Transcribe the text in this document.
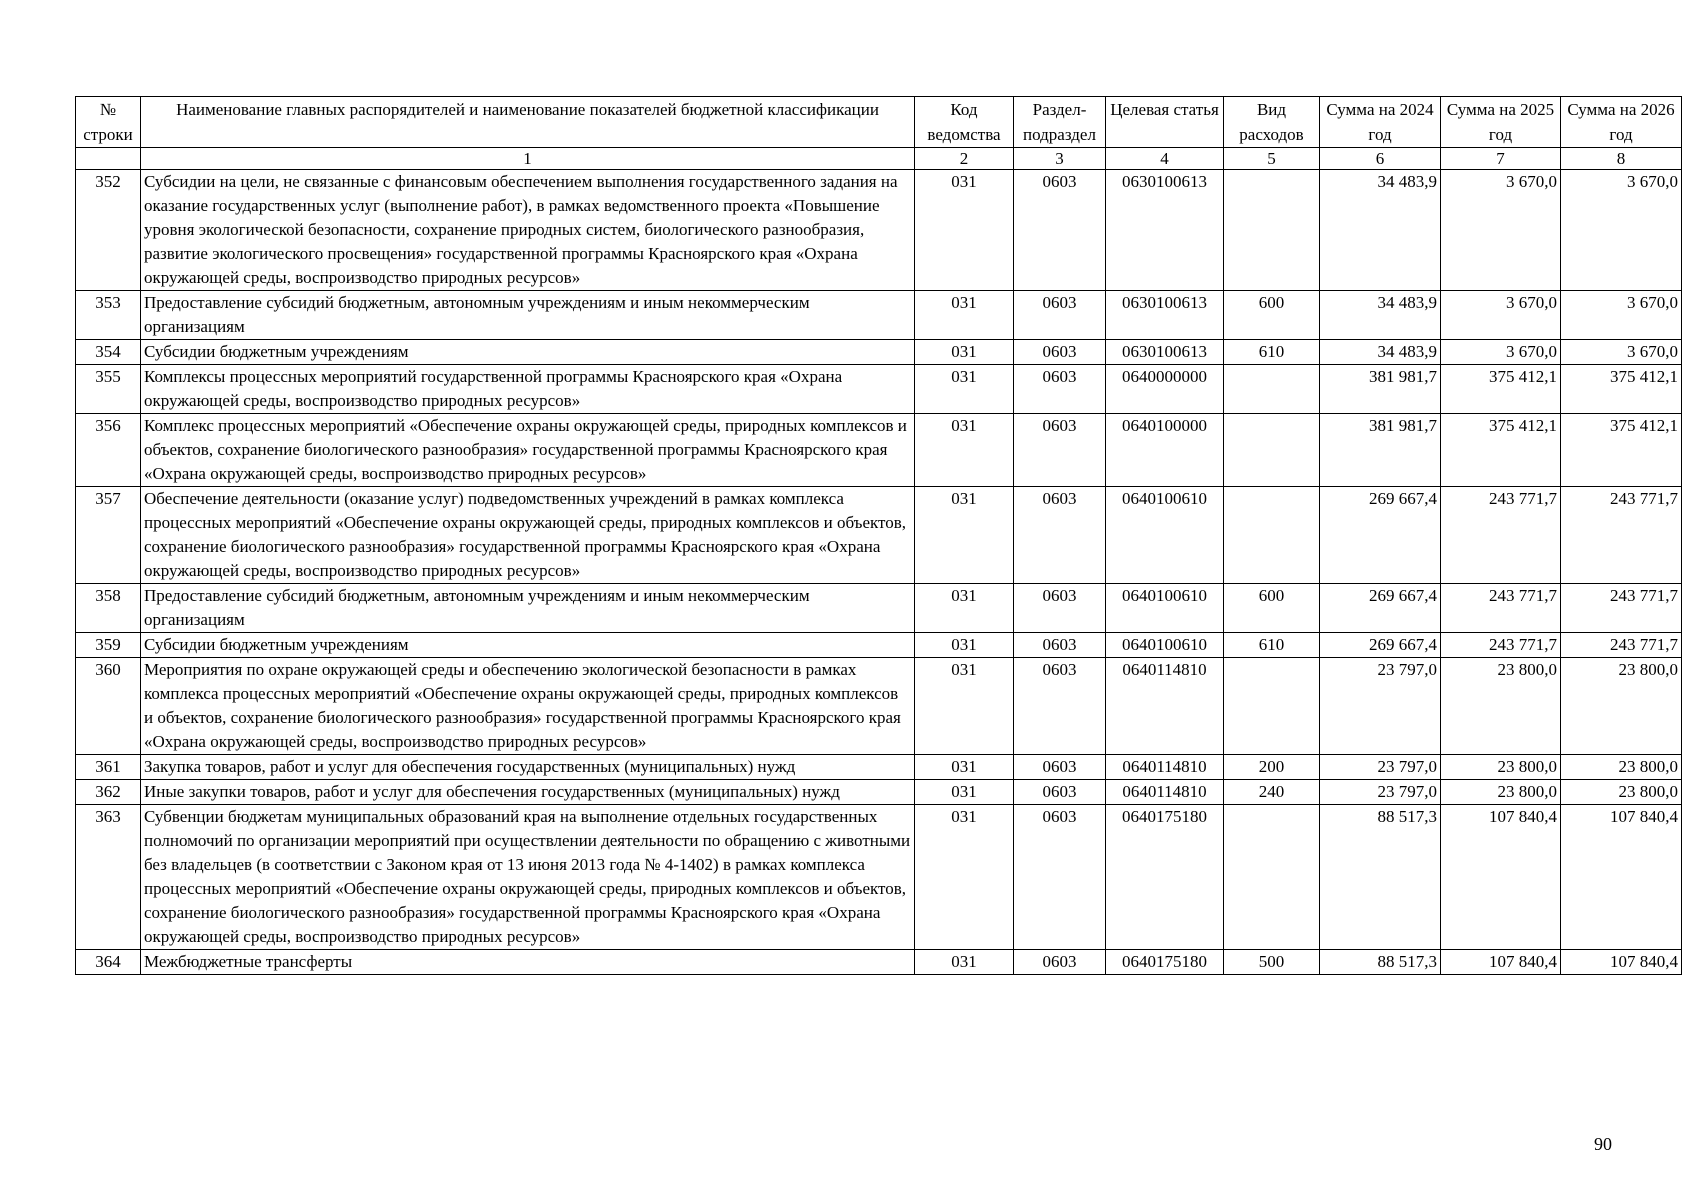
№ строки	Наименование главных распорядителей и наименование показателей бюджетной классификации	Код ведомства	Раздел-подраздел	Целевая статья	Вид расходов	Сумма на 2024 год	Сумма на 2025 год	Сумма на 2026 год
	1	2	3	4	5	6	7	8
352	Субсидии на цели, не связанные с финансовым обеспечением выполнения государственного задания на оказание государственных услуг (выполнение работ), в рамках ведомственного проекта «Повышение уровня экологической безопасности, сохранение природных систем, биологического разнообразия, развитие экологического просвещения» государственной программы Красноярского края «Охрана окружающей среды, воспроизводство природных ресурсов»	031	0603	0630100613		34 483,9	3 670,0	3 670,0
353	Предоставление субсидий бюджетным, автономным учреждениям и иным некоммерческим организациям	031	0603	0630100613	600	34 483,9	3 670,0	3 670,0
354	Субсидии бюджетным учреждениям	031	0603	0630100613	610	34 483,9	3 670,0	3 670,0
355	Комплексы процессных мероприятий государственной программы Красноярского края «Охрана окружающей среды, воспроизводство природных ресурсов»	031	0603	0640000000		381 981,7	375 412,1	375 412,1
356	Комплекс процессных мероприятий «Обеспечение охраны окружающей среды, природных комплексов и объектов, сохранение биологического разнообразия» государственной программы Красноярского края «Охрана окружающей среды, воспроизводство природных ресурсов»	031	0603	0640100000		381 981,7	375 412,1	375 412,1
357	Обеспечение деятельности (оказание услуг) подведомственных учреждений в рамках комплекса процессных мероприятий «Обеспечение охраны окружающей среды, природных комплексов и объектов, сохранение биологического разнообразия» государственной программы Красноярского края «Охрана окружающей среды, воспроизводство природных ресурсов»	031	0603	0640100610		269 667,4	243 771,7	243 771,7
358	Предоставление субсидий бюджетным, автономным учреждениям и иным некоммерческим организациям	031	0603	0640100610	600	269 667,4	243 771,7	243 771,7
359	Субсидии бюджетным учреждениям	031	0603	0640100610	610	269 667,4	243 771,7	243 771,7
360	Мероприятия по охране окружающей среды и обеспечению экологической безопасности в рамках комплекса процессных мероприятий «Обеспечение охраны окружающей среды, природных комплексов и объектов, сохранение биологического разнообразия» государственной программы Красноярского края «Охрана окружающей среды, воспроизводство природных ресурсов»	031	0603	0640114810		23 797,0	23 800,0	23 800,0
361	Закупка товаров, работ и услуг для обеспечения государственных (муниципальных) нужд	031	0603	0640114810	200	23 797,0	23 800,0	23 800,0
362	Иные закупки товаров, работ и услуг для обеспечения государственных (муниципальных) нужд	031	0603	0640114810	240	23 797,0	23 800,0	23 800,0
363	Субвенции бюджетам муниципальных образований края на выполнение отдельных государственных полномочий по организации мероприятий при осуществлении деятельности по обращению с животными без владельцев (в соответствии с Законом края от 13 июня 2013 года № 4-1402) в рамках комплекса процессных мероприятий «Обеспечение охраны окружающей среды, природных комплексов и объектов, сохранение биологического разнообразия» государственной программы Красноярского края «Охрана окружающей среды, воспроизводство природных ресурсов»	031	0603	0640175180		88 517,3	107 840,4	107 840,4
364	Межбюджетные трансферты	031	0603	0640175180	500	88 517,3	107 840,4	107 840,4
90
